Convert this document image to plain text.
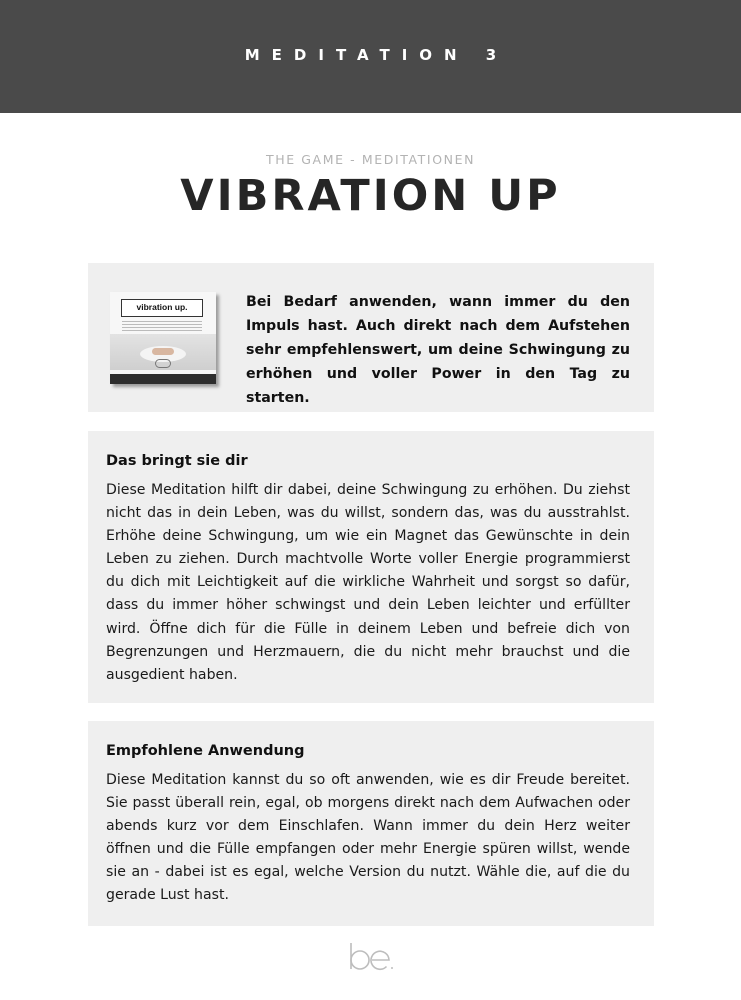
MEDITATION 3
THE GAME - MEDITATIONEN
VIBRATION UP
vibration up.	Bei Bedarf anwenden, wann immer du den Impuls hast. Auch direkt nach dem Aufstehen sehr empfehlenswert, um deine Schwingung zu erhöhen und voller Power in den Tag zu starten.

Das bringt sie dir

Diese Meditation hilft dir dabei, deine Schwingung zu erhöhen. Du ziehst nicht das in dein Leben, was du willst, sondern das, was du ausstrahlst. Erhöhe deine Schwingung, um wie ein Magnet das Gewünschte in dein Leben zu ziehen. Durch machtvolle Worte voller Energie programmierst du dich mit Leichtigkeit auf die wirkliche Wahrheit und sorgst so dafür, dass du immer höher schwingst und dein Leben leichter und erfüllter wird. Öffne dich für die Fülle in deinem Leben und befreie dich von Begrenzungen und Herzmauern, die du nicht mehr brauchst und die ausgedient haben.

Empfohlene Anwendung

Diese Meditation kannst du so oft anwenden, wie es dir Freude bereitet. Sie passt überall rein, egal, ob morgens direkt nach dem Aufwachen oder abends kurz vor dem Einschlafen. Wann immer du dein Herz weiter öffnen und die Fülle empfangen oder mehr Energie spüren willst, wende sie an - dabei ist es egal, welche Version du nutzt. Wähle die, auf die du gerade Lust hast.
